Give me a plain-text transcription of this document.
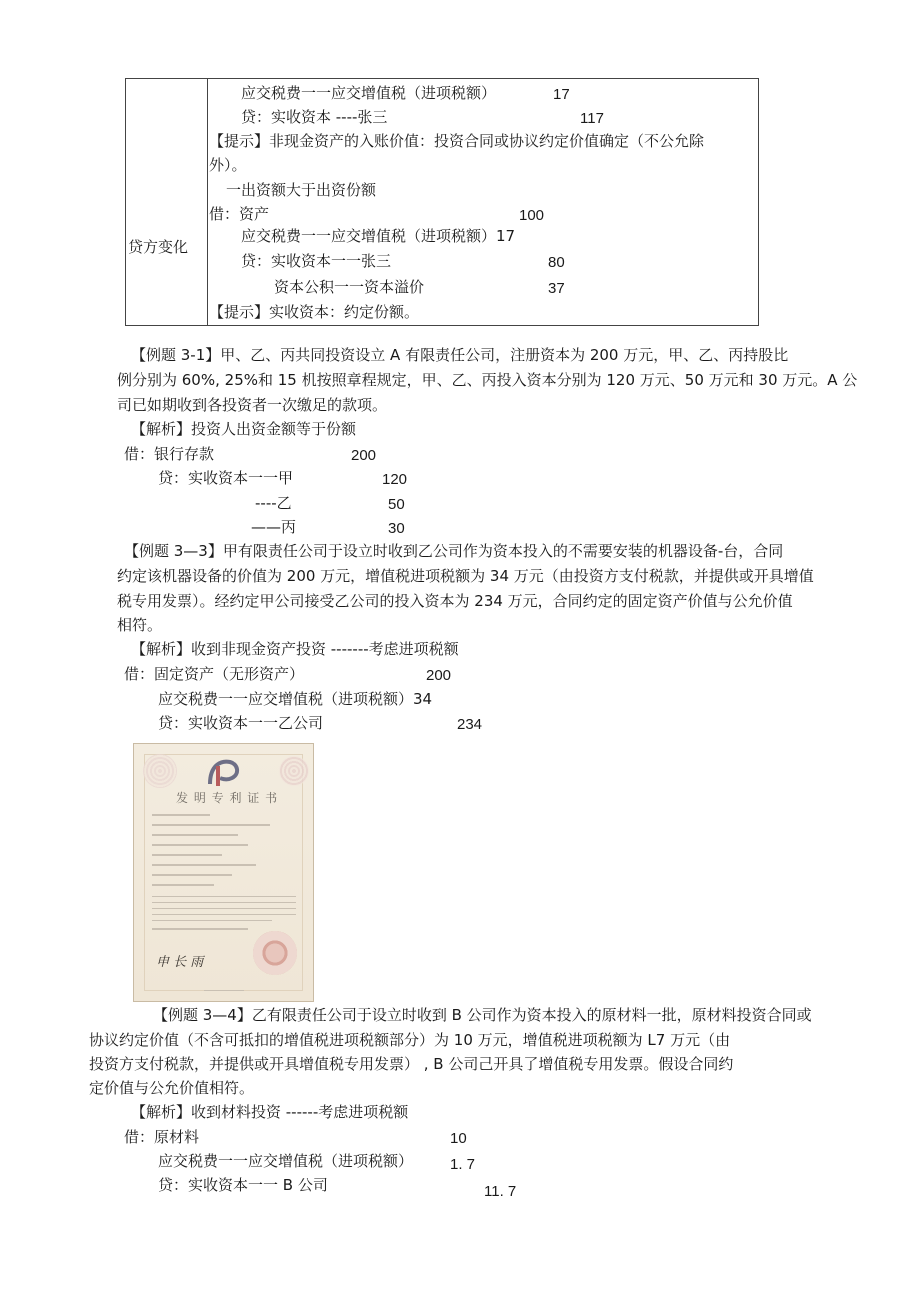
贷方变化
应交税费一一应交增值税（进项税额）	17
贷：实收资本 ----张三	117
【提示】非现金资产的入账价值：投资合同或协议约定价值确定（不公允除
外）。
一出资额大于出资份额
借：资产	100
应交税费一一应交增值税（进项税额）17
贷：实收资本一一张三	80
资本公积一一资本溢价	37
【提示】实收资本：约定份额。
【例题 3-1】甲、乙、丙共同投资设立 A 有限责任公司，注册资本为 200 万元，甲、乙、丙持股比
例分别为 60%, 25%和 15 机按照章程规定，甲、乙、丙投入资本分别为 120 万元、50 万元和 30 万元。A 公
司已如期收到各投资者一次缴足的款项。
【解析】投资人出资金额等于份额
借：银行存款	200
贷：实收资本一一甲	120
----乙	50
——丙	30
【例题 3—3】甲有限责任公司于设立时收到乙公司作为资本投入的不需要安装的机器设备-台，合同
约定该机器设备的价值为 200 万元，增值税进项税额为 34 万元（由投资方支付税款，并提供或开具增值
税专用发票）。经约定甲公司接受乙公司的投入资本为 234 万元，合同约定的固定资产价值与公允价值
相符。
【解析】收到非现金资产投资 -------考虑进项税额
借：固定资产（无形资产）	200
应交税费一一应交增值税（进项税额）34
贷：实收资本一一乙公司	234
发 明 专 利 证 书
申 长 雨
【例题 3—4】乙有限责任公司于设立时收到 B 公司作为资本投入的原材料一批，原材料投资合同或
协议约定价值（不含可抵扣的增值税进项税额部分）为 10 万元，增值税进项税额为 L7 万元（由
投资方支付税款，并提供或开具增值税专用发票） , B 公司己开具了增值税专用发票。假设合同约
定价值与公允价值相符。
【解析】收到材料投资 ------考虑进项税额
借：原材料	10
应交税费一一应交增值税（进项税额） 1. 7
贷：实收资本一一 B 公司	11. 7
